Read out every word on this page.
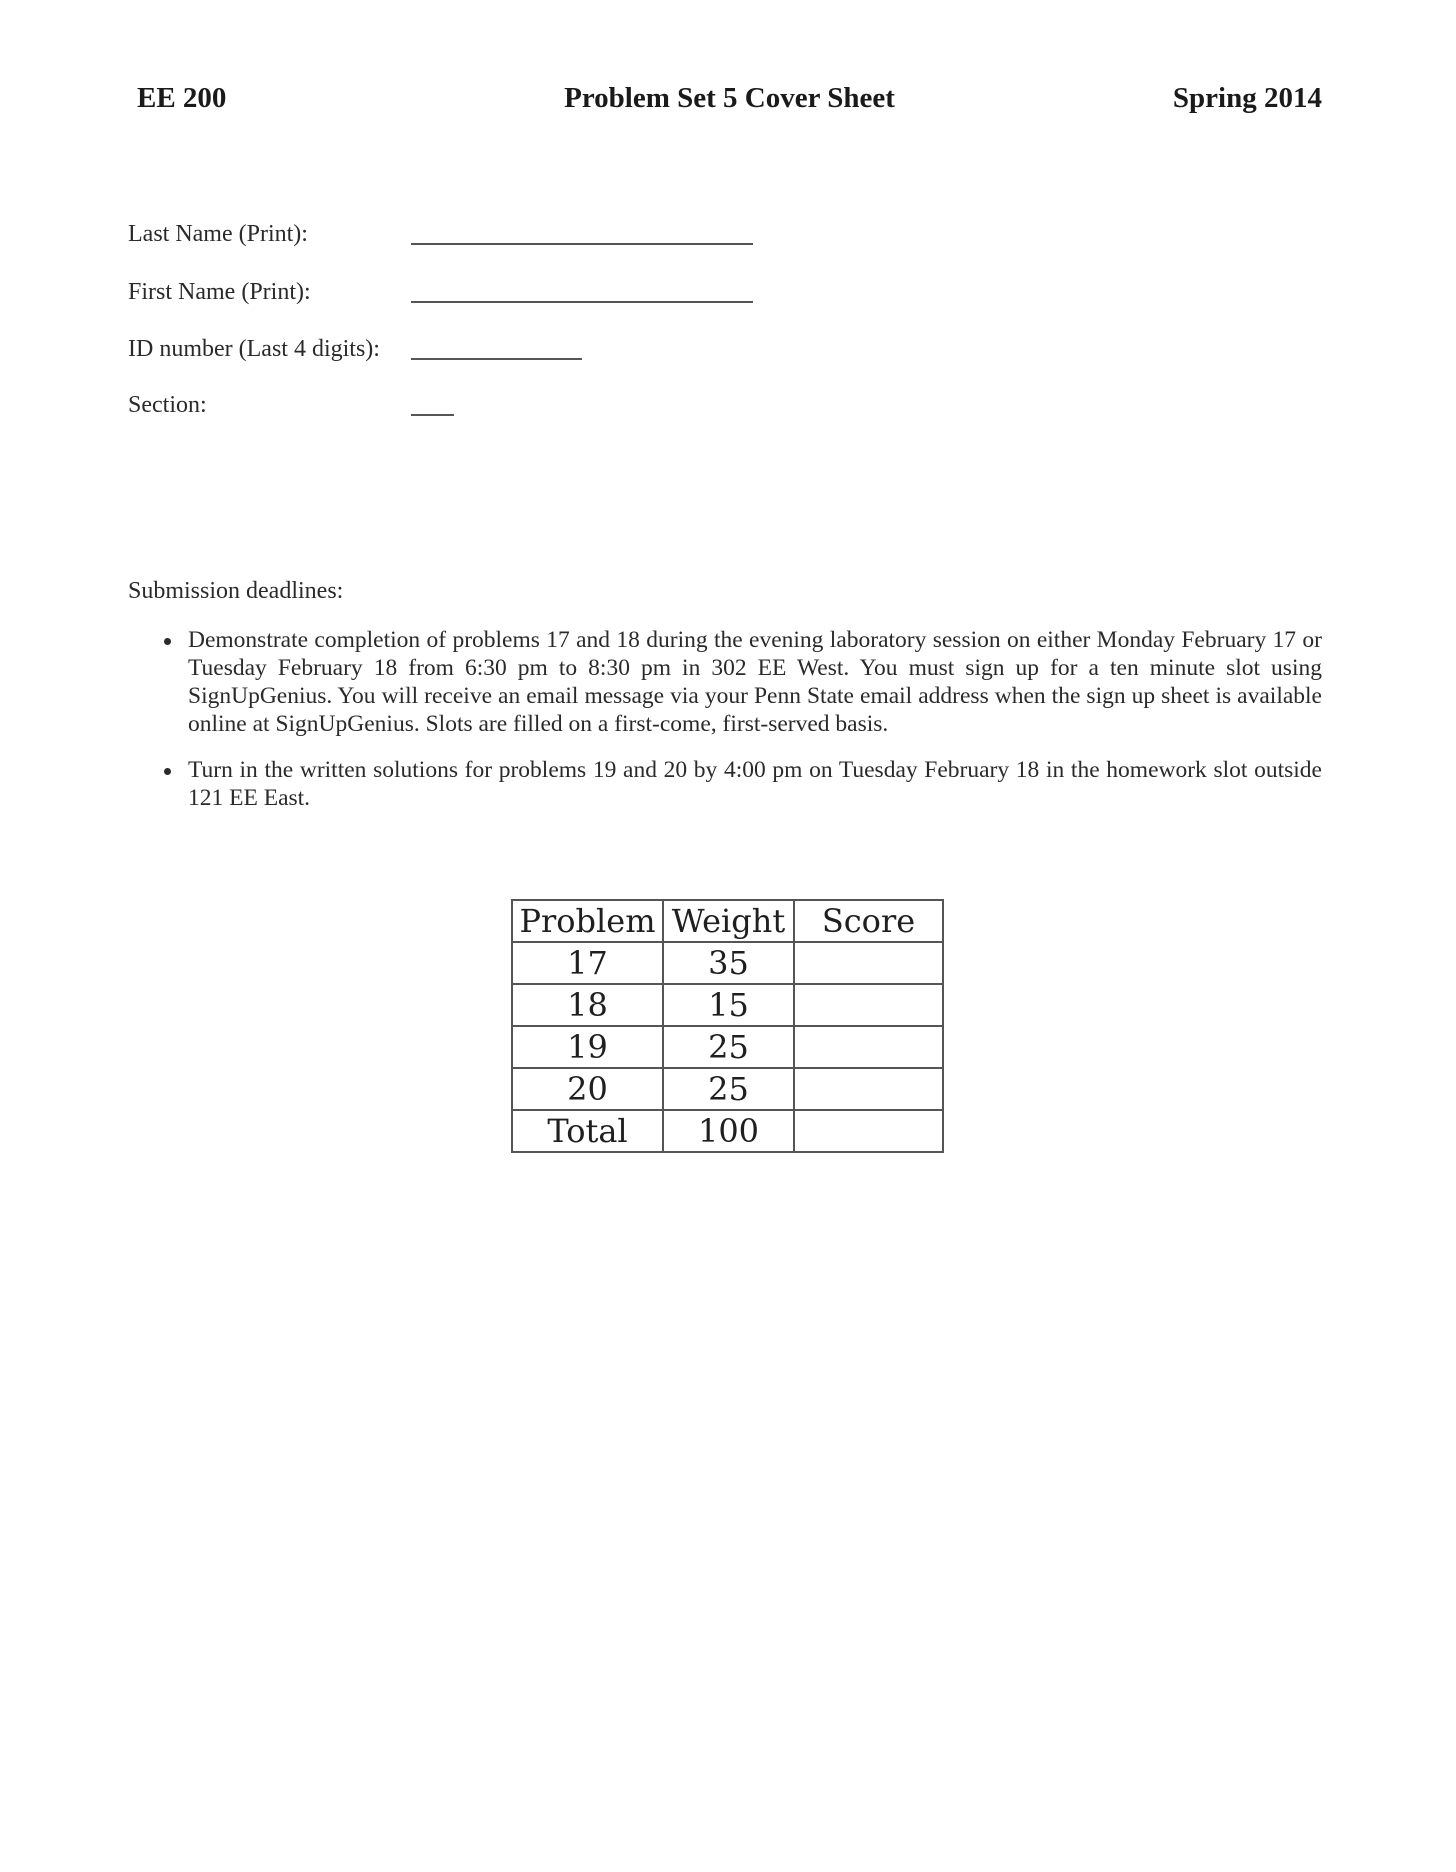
EE 200	Problem Set 5 Cover Sheet	Spring 2014
Last Name (Print):
First Name (Print):
ID number (Last 4 digits):
Section:
Submission deadlines:
Demonstrate completion of problems 17 and 18 during the evening laboratory session on either Monday February 17 or Tuesday February 18 from 6:30 pm to 8:30 pm in 302 EE West. You must sign up for a ten minute slot using SignUpGenius. You will receive an email message via your Penn State email address when the sign up sheet is available online at SignUpGenius. Slots are filled on a first-come, first-served basis.
Turn in the written solutions for problems 19 and 20 by 4:00 pm on Tuesday February 18 in the homework slot outside 121 EE East.
Problem	Weight	Score
17	35	
18	15	
19	25	
20	25	
Total	100	
